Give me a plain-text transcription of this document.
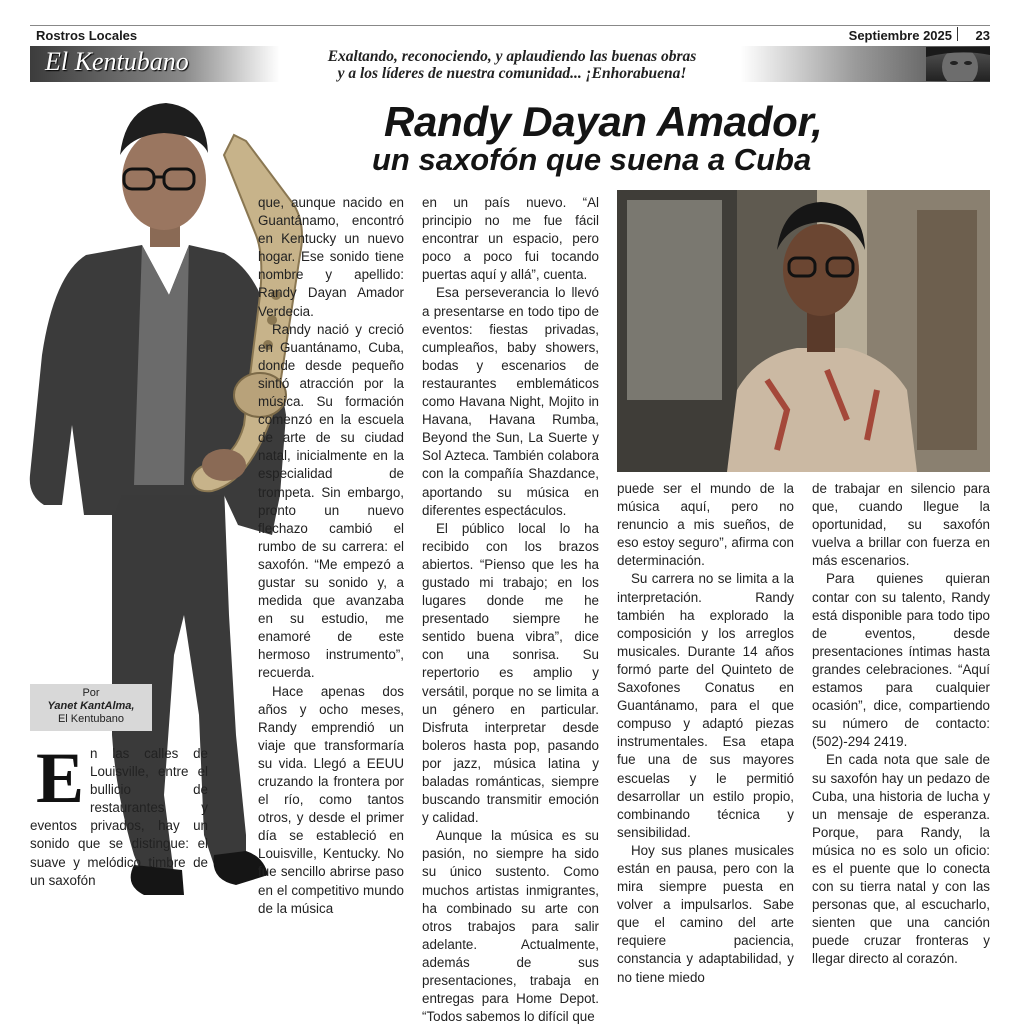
Rostros Locales	Septiembre 2025 23
El Kentubano	Exaltando, reconociendo, y aplaudiendo las buenas obras
y a los líderes de nuestra comunidad... ¡Enhorabuena!
Randy Dayan Amador,
un saxofón que suena a Cuba
Por
Yanet KantAlma,
El Kentubano

En las calles de Louisville, entre el bullicio de restaurantes y eventos privados, hay un sonido que se distingue: el suave y melódico timbre de un saxofón

que, aunque nacido en Guantánamo, encontró en Kentucky un nuevo hogar. Ese sonido tiene nombre y apellido: Randy Dayan Amador Verdecia.

Randy nació y creció en Guantánamo, Cuba, donde desde pequeño sintió atracción por la música. Su formación comenzó en la escuela de arte de su ciudad natal, inicialmente en la especialidad de trompeta. Sin embargo, pronto un nuevo flechazo cambió el rumbo de su carrera: el saxofón. “Me empezó a gustar su sonido y, a medida que avanzaba en su estudio, me enamoré de este hermoso instrumento”, recuerda.

Hace apenas dos años y ocho meses, Randy emprendió un viaje que transformaría su vida. Llegó a EEUU cruzando la frontera por el río, como tantos otros, y desde el primer día se estableció en Louisville, Kentucky. No fue sencillo abrirse paso en el competitivo mundo de la música

en un país nuevo. “Al principio no me fue fácil encontrar un espacio, pero poco a poco fui tocando puertas aquí y allá”, cuenta.

Esa perseverancia lo llevó a presentarse en todo tipo de eventos: fiestas privadas, cumpleaños, baby showers, bodas y escenarios de restaurantes emblemáticos como Havana Night, Mojito in Havana, Havana Rumba, Beyond the Sun, La Suerte y Sol Azteca. También colabora con la compañía Shazdance, aportando su música en diferentes espectáculos.

El público local lo ha recibido con los brazos abiertos. “Pienso que les ha gustado mi trabajo; en los lugares donde me he presentado siempre he sentido buena vibra”, dice con una sonrisa. Su repertorio es amplio y versátil, porque no se limita a un género en particular. Disfruta interpretar desde boleros hasta pop, pasando por jazz, música latina y baladas románticas, siempre buscando transmitir emoción y calidad.

Aunque la música es su pasión, no siempre ha sido su único sustento. Como muchos artistas inmigrantes, ha combinado su arte con otros trabajos para salir adelante. Actualmente, además de sus presentaciones, trabaja en entregas para Home Depot. “Todos sabemos lo difícil que

puede ser el mundo de la música aquí, pero no renuncio a mis sueños, de eso estoy seguro”, afirma con determinación.

Su carrera no se limita a la interpretación. Randy también ha explorado la composición y los arreglos musicales. Durante 14 años formó parte del Quinteto de Saxofones Conatus en Guantánamo, para el que compuso y adaptó piezas instrumentales. Esa etapa fue una de sus mayores escuelas y le permitió desarrollar un estilo propio, combinando técnica y sensibilidad.

Hoy sus planes musicales están en pausa, pero con la mira siempre puesta en volver a impulsarlos. Sabe que el camino del arte requiere paciencia, constancia y adaptabilidad, y no tiene miedo

de trabajar en silencio para que, cuando llegue la oportunidad, su saxofón vuelva a brillar con fuerza en más escenarios.

Para quienes quieran contar con su talento, Randy está disponible para todo tipo de eventos, desde presentaciones íntimas hasta grandes celebraciones. “Aquí estamos para cualquier ocasión”, dice, compartiendo su número de contacto: (502)-294 2419.

En cada nota que sale de su saxofón hay un pedazo de Cuba, una historia de lucha y un mensaje de esperanza. Porque, para Randy, la música no es solo un oficio: es el puente que lo conecta con su tierra natal y con las personas que, al escucharlo, sienten que una canción puede cruzar fronteras y llegar directo al corazón.
